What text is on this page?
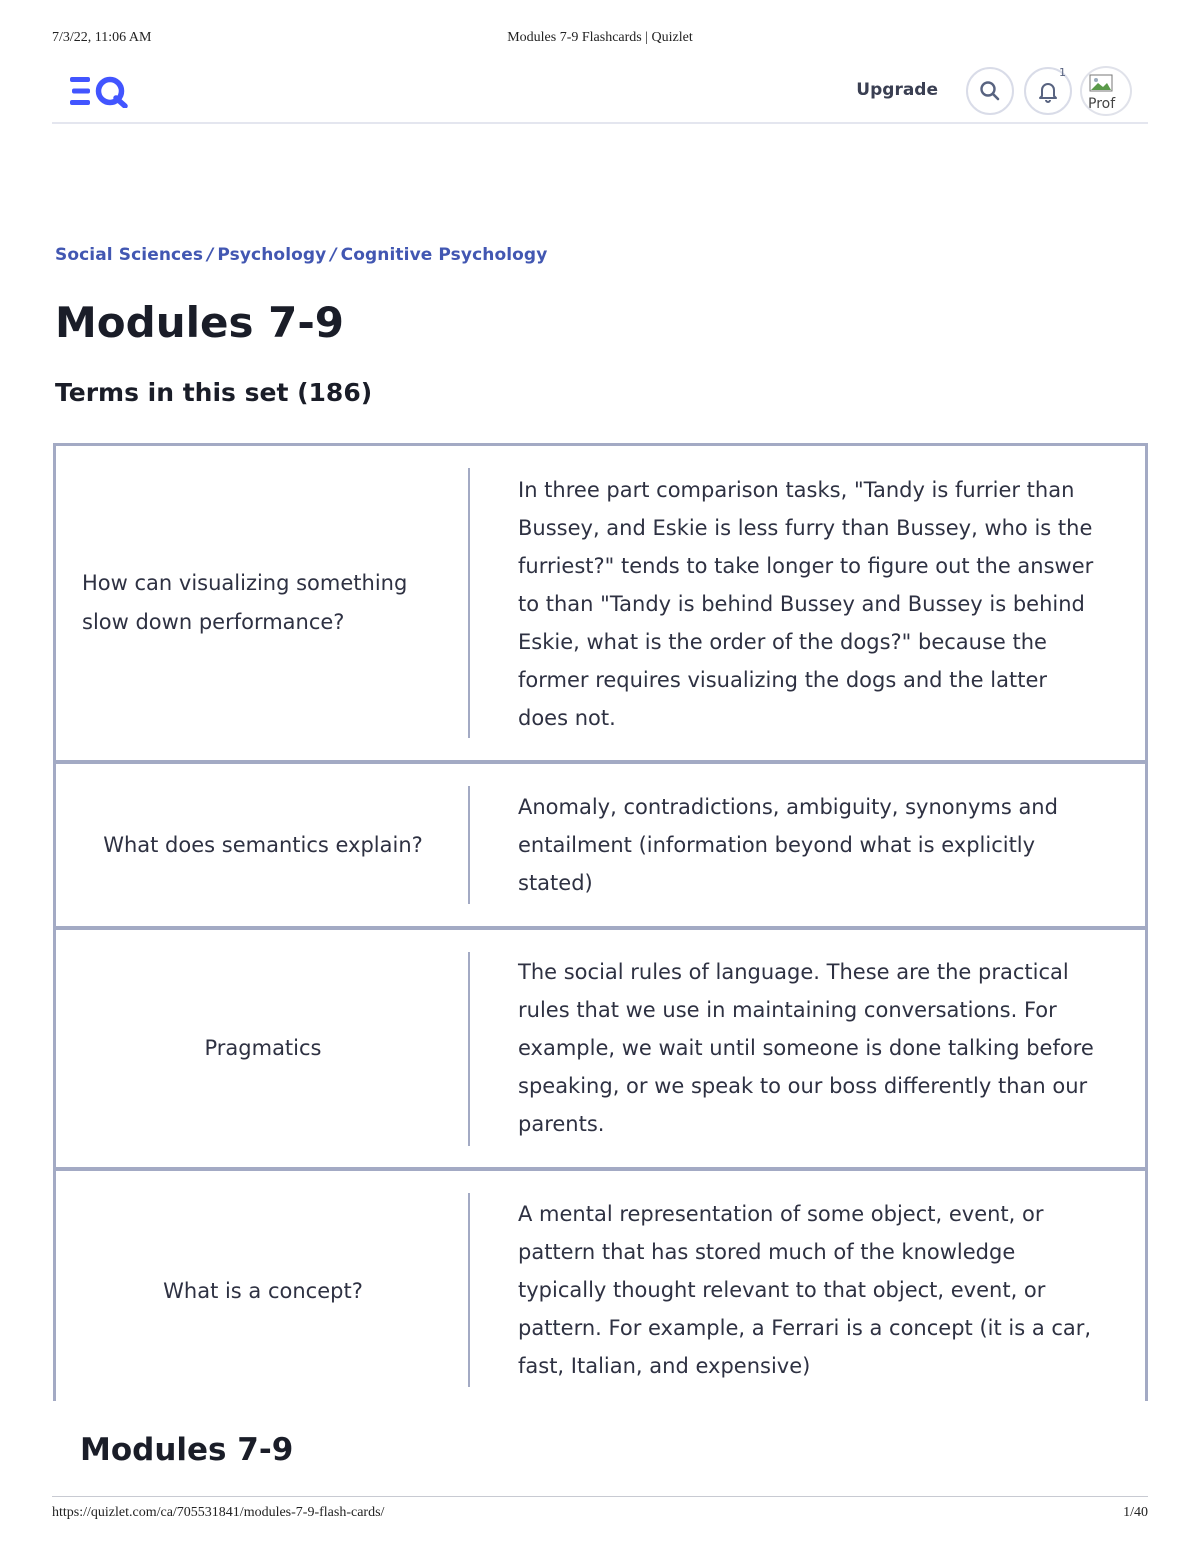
7/3/22, 11:06 AM	Modules 7-9 Flashcards | Quizlet
Upgrade
1
Prof
Social Sciences / Psychology / Cognitive Psychology
Modules 7-9
Terms in this set (186)
How can visualizing something slow down performance?
In three part comparison tasks, "Tandy is furrier than Bussey, and Eskie is less furry than Bussey, who is the furriest?" tends to take longer to figure out the answer to than "Tandy is behind Bussey and Bussey is behind Eskie, what is the order of the dogs?" because the former requires visualizing the dogs and the latter does not.
What does semantics explain?
Anomaly, contradictions, ambiguity, synonyms and entailment (information beyond what is explicitly stated)
Pragmatics
The social rules of language. These are the practical rules that we use in maintaining conversations. For example, we wait until someone is done talking before speaking, or we speak to our boss differently than our parents.
What is a concept?
A mental representation of some object, event, or pattern that has stored much of the knowledge typically thought relevant to that object, event, or pattern. For example, a Ferrari is a concept (it is a car, fast, Italian, and expensive)
Modules 7-9
https://quizlet.com/ca/705531841/modules-7-9-flash-cards/	1/40
